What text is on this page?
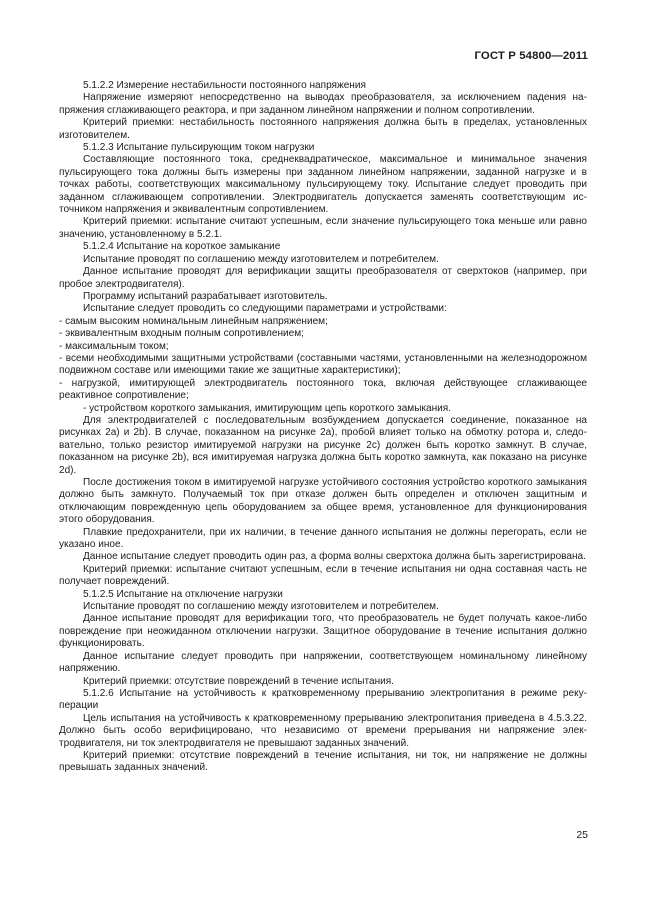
ГОСТ Р 54800—2011

5.1.2.2 Измерение нестабильности постоянного напряжения

Напряжение измеряют непосредственно на выводах преобразователя, за исключением падения напряжения сглаживающего реактора, и при заданном линейном напряжении и полном сопротивлении.

Критерий приемки: нестабильность постоянного напряжения должна быть в пределах, установленных изготовителем.

5.1.2.3 Испытание пульсирующим током нагрузки

Составляющие постоянного тока, среднеквадратическое, максимальное и минимальное значения пульсирующего тока должны быть измерены при заданном линейном напряжении, заданной нагрузке и в точках работы, соответствующих максимальному пульсирующему току. Испытание следует проводить при заданном сглаживающем сопротивлении. Электродвигатель допускается заменять соответствующим источником напряжения и эквивалентным сопротивлением.

Критерий приемки: испытание считают успешным, если значение пульсирующего тока меньше или равно значению, установленному в 5.2.1.

5.1.2.4 Испытание на короткое замыкание

Испытание проводят по соглашению между изготовителем и потребителем.

Данное испытание проводят для верификации защиты преобразователя от сверхтоков (например, при пробое электродвигателя).

Программу испытаний разрабатывает изготовитель.

Испытание следует проводить со следующими параметрами и устройствами:

- самым высоким номинальным линейным напряжением;

- эквивалентным входным полным сопротивлением;

- максимальным током;

- всеми необходимыми защитными устройствами (составными частями, установленными на железнодорожном подвижном составе или имеющими такие же защитные характеристики);

- нагрузкой, имитирующей электродвигатель постоянного тока, включая действующее сглаживающее реактивное сопротивление;

- устройством короткого замыкания, имитирующим цепь короткого замыкания.

Для электродвигателей с последовательным возбуждением допускается соединение, показанное на рисунках 2а) и 2b). В случае, показанном на рисунке 2а), пробой влияет только на обмотку ротора и, следовательно, только резистор имитируемой нагрузки на рисунке 2с) должен быть коротко замкнут. В случае, показанном на рисунке 2b), вся имитируемая нагрузка должна быть коротко замкнута, как показано на рисунке 2d).

После достижения током в имитируемой нагрузке устойчивого состояния устройство короткого замыкания должно быть замкнуто. Получаемый ток при отказе должен быть определен и отключен защитным и отключающим поврежденную цепь оборудованием за общее время, установленное для функционирования этого оборудования.

Плавкие предохранители, при их наличии, в течение данного испытания не должны перегорать, если не указано иное.

Данное испытание следует проводить один раз, а форма волны сверхтока должна быть зарегистрирована.

Критерий приемки: испытание считают успешным, если в течение испытания ни одна составная часть не получает повреждений.

5.1.2.5 Испытание на отключение нагрузки

Испытание проводят по соглашению между изготовителем и потребителем.

Данное испытание проводят для верификации того, что преобразователь не будет получать какое-либо повреждение при неожиданном отключении нагрузки. Защитное оборудование в течение испытания должно функционировать.

Данное испытание следует проводить при напряжении, соответствующем номинальному линейному напряжению.

Критерий приемки: отсутствие повреждений в течение испытания.

5.1.2.6 Испытание на устойчивость к кратковременному прерыванию электропитания в режиме рекуперации

Цель испытания на устойчивость к кратковременному прерыванию электропитания приведена в 4.5.3.22. Должно быть особо верифицировано, что независимо от времени прерывания ни напряжение электродвигателя, ни ток электродвигателя не превышают заданных значений.

Критерий приемки: отсутствие повреждений в течение испытания, ни ток, ни напряжение не должны превышать заданных значений.

25
